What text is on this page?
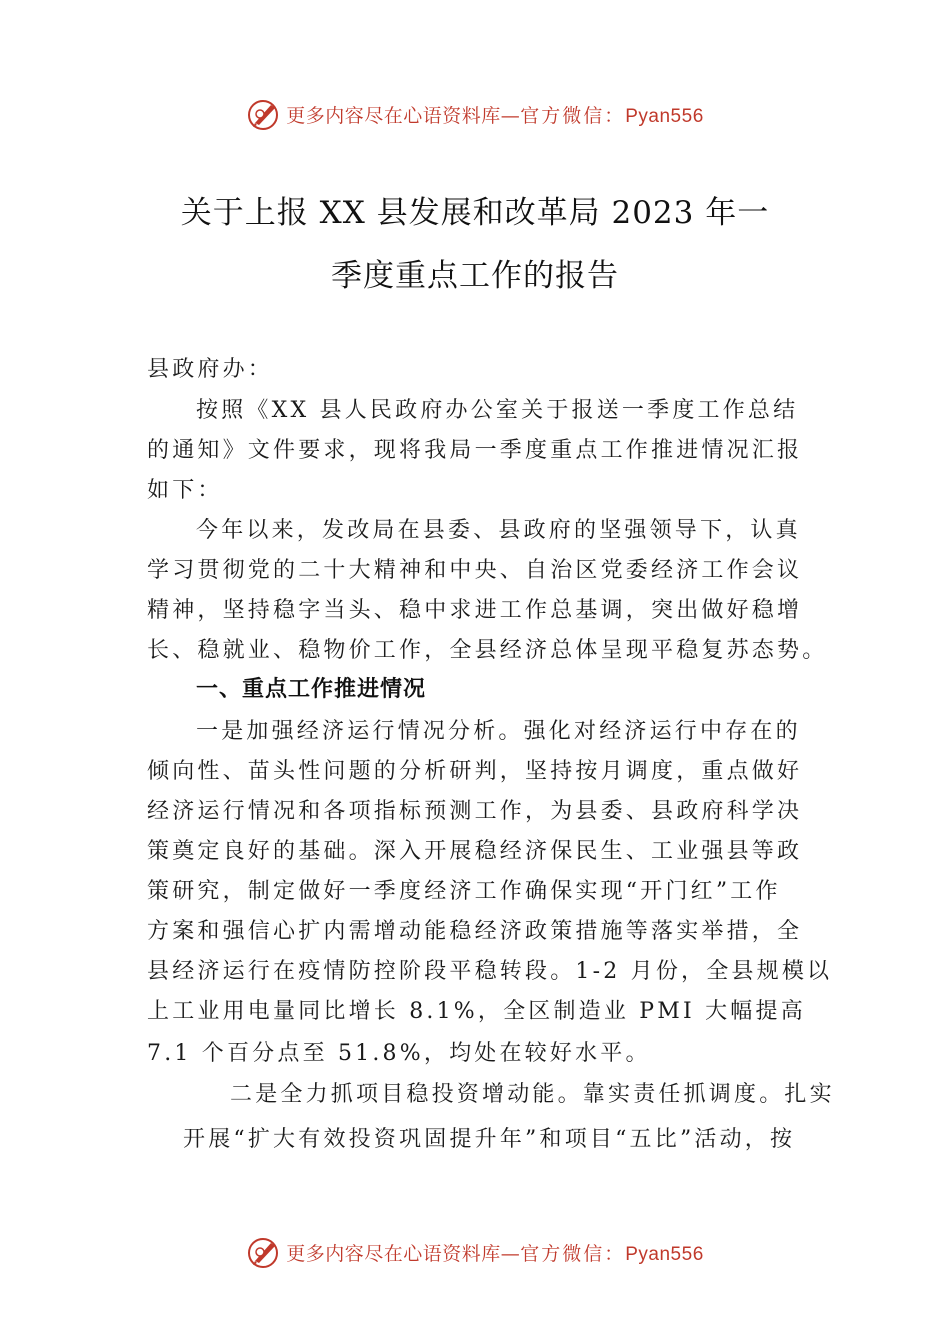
更多内容尽在心语资料库—官方微信：Pyan556
关于上报 XX 县发展和改革局 2023 年一
季度重点工作的报告
县政府办：
按照《XX 县人民政府办公室关于报送一季度工作总结
的通知》文件要求，现将我局一季度重点工作推进情况汇报
如下：
今年以来，发改局在县委、县政府的坚强领导下，认真
学习贯彻党的二十大精神和中央、自治区党委经济工作会议
精神，坚持稳字当头、稳中求进工作总基调，突出做好稳增
长、稳就业、稳物价工作，全县经济总体呈现平稳复苏态势。
一、重点工作推进情况
一是加强经济运行情况分析。强化对经济运行中存在的
倾向性、苗头性问题的分析研判，坚持按月调度，重点做好
经济运行情况和各项指标预测工作，为县委、县政府科学决
策奠定良好的基础。深入开展稳经济保民生、工业强县等政
策研究，制定做好一季度经济工作确保实现“开门红”工作
方案和强信心扩内需增动能稳经济政策措施等落实举措，全
县经济运行在疫情防控阶段平稳转段。1-2 月份，全县规模以
上工业用电量同比增长 8.1%，全区制造业 PMI 大幅提高
7.1 个百分点至 51.8%，均处在较好水平。
二是全力抓项目稳投资增动能。靠实责任抓调度。扎实
开展“扩大有效投资巩固提升年”和项目“五比”活动，按
更多内容尽在心语资料库—官方微信：Pyan556
